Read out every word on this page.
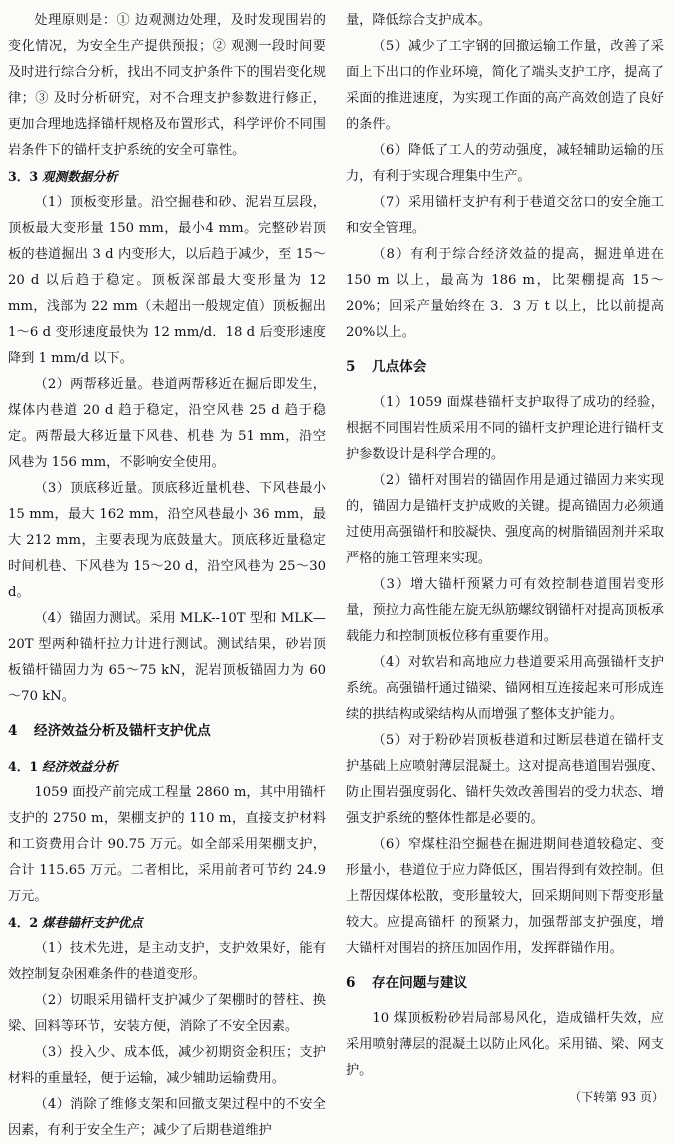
处理原则是：① 边观测边处理，及时发现围岩的变化情况，为安全生产提供预报；② 观测一段时间要及时进行综合分析，找出不同支护条件下的围岩变化规律；③ 及时分析研究，对不合理支护参数进行修正，更加合理地选择锚杆规格及布置形式，科学评价不同围岩条件下的锚杆支护系统的安全可靠性。

3．3 观测数据分析

（1）顶板变形量。沿空掘巷和砂、泥岩互层段，顶板最大变形量 150 mm，最小4 mm。完整砂岩顶板的巷道掘出 3 d 内变形大，以后趋于减少，至 15～20 d 以后趋于稳定。顶板深部最大变形量为 12 mm，浅部为 22 mm（未超出一般规定值）顶板掘出 1～6 d 变形速度最快为 12 mm/d．18 d 后变形速度降到 1 mm/d 以下。

（2）两帮移近量。巷道两帮移近在掘后即发生，煤体内巷道 20 d 趋于稳定，沿空风巷 25 d 趋于稳定。两帮最大移近量下风巷、机巷 为 51 mm，沿空风巷为 156 mm，不影响安全使用。

（3）顶底移近量。顶底移近量机巷、下风巷最小 15 mm，最大 162 mm，沿空风巷最小 36 mm，最大 212 mm，主要表现为底鼓量大。顶底移近量稳定时间机巷、下风巷为 15～20 d，沿空风巷为 25～30 d。

（4）锚固力测试。采用 MLK--10T 型和 MLK—20T 型两种锚杆拉力计进行测试。测试结果，砂岩顶板锚杆锚固力为 65～75 kN，泥岩顶板锚固力为 60～70 kN。

4 经济效益分析及锚杆支护优点
4．1 经济效益分析

1059 面投产前完成工程量 2860 m，其中用锚杆支护的 2750 m，架棚支护的 110 m，直接支护材料和工资费用合计 90.75 万元。如全部采用架棚支护，合计 115.65 万元。二者相比，采用前者可节约 24.9 万元。

4．2 煤巷锚杆支护优点

（1）技术先进，是主动支护，支护效果好，能有效控制复杂困难条件的巷道变形。

（2）切眼采用锚杆支护减少了架棚时的替柱、换梁、回料等环节，安装方便，消除了不安全因素。

（3）投入少、成本低，减少初期资金积压；支护材料的重量轻，便于运输，减少辅助运输费用。

（4）消除了维修支架和回撤支架过程中的不安全因素，有利于安全生产；减少了后期巷道维护

量，降低综合支护成本。

（5）减少了工字钢的回撤运输工作量，改善了采面上下出口的作业环境，简化了端头支护工序，提高了采面的推进速度，为实现工作面的高产高效创造了良好的条件。

（6）降低了工人的劳动强度，减轻辅助运输的压力，有利于实现合理集中生产。

（7）采用锚杆支护有利于巷道交岔口的安全施工和安全管理。

（8）有利于综合经济效益的提高，掘进单进在 150 m 以上，最高为 186 m，比架棚提高 15～20%；回采产量始终在 3．3 万 t 以上，比以前提高 20%以上。

5 几点体会

（1）1059 面煤巷锚杆支护取得了成功的经验，根据不同围岩性质采用不同的锚杆支护理论进行锚杆支护参数设计是科学合理的。

（2）锚杆对围岩的锚固作用是通过锚固力来实现的，锚固力是锚杆支护成败的关键。提高锚固力必须通过使用高强锚杆和胶凝快、强度高的树脂锚固剂并采取严格的施工管理来实现。

（3）增大锚杆预紧力可有效控制巷道围岩变形量，预拉力高性能左旋无纵筋螺纹钢锚杆对提高顶板承载能力和控制顶板位移有重要作用。

（4）对软岩和高地应力巷道要采用高强锚杆支护系统。高强锚杆通过锚梁、锚网相互连接起来可形成连续的拱结构或梁结构从而增强了整体支护能力。

（5）对于粉砂岩顶板巷道和过断层巷道在锚杆支护基础上应喷射薄层混凝土。这对提高巷道围岩强度、防止围岩强度弱化、锚杆失效改善围岩的受力状态、增强支护系统的整体性都是必要的。

（6）窄煤柱沿空掘巷在掘进期间巷道较稳定、变形量小，巷道位于应力降低区，围岩得到有效控制。但上帮因煤体松散，变形量较大，回采期间则下帮变形量较大。应提高锚杆 的预紧力，加强帮部支护强度，增大锚杆对围岩的挤压加固作用，发挥群锚作用。

6 存在问题与建议

10 煤顶板粉砂岩局部易风化，造成锚杆失效，应采用喷射薄层的混凝土以防止风化。采用锚、梁、网支护。

（下转第 93 页）
